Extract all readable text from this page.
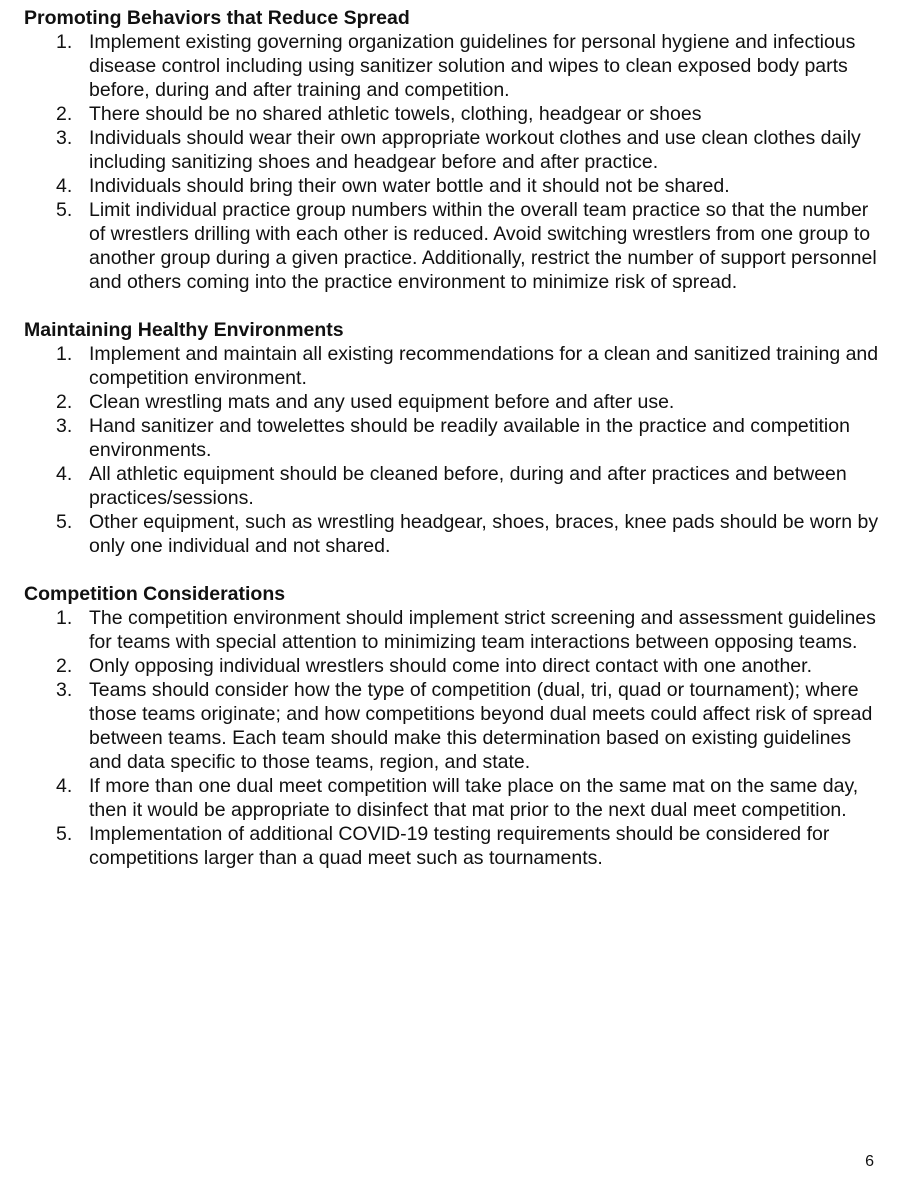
Promoting Behaviors that Reduce Spread

1. Implement existing governing organization guidelines for personal hygiene and infectious disease control including using sanitizer solution and wipes to clean exposed body parts before, during and after training and competition.
2. There should be no shared athletic towels, clothing, headgear or shoes
3. Individuals should wear their own appropriate workout clothes and use clean clothes daily including sanitizing shoes and headgear before and after practice.
4. Individuals should bring their own water bottle and it should not be shared.
5. Limit individual practice group numbers within the overall team practice so that the number of wrestlers drilling with each other is reduced. Avoid switching wrestlers from one group to another group during a given practice. Additionally, restrict the number of support personnel and others coming into the practice environment to minimize risk of spread.

Maintaining Healthy Environments

1. Implement and maintain all existing recommendations for a clean and sanitized training and competition environment.
2. Clean wrestling mats and any used equipment before and after use.
3. Hand sanitizer and towelettes should be readily available in the practice and competition environments.
4. All athletic equipment should be cleaned before, during and after practices and between practices/sessions.
5. Other equipment, such as wrestling headgear, shoes, braces, knee pads should be worn by only one individual and not shared.

Competition Considerations

1. The competition environment should implement strict screening and assessment guidelines for teams with special attention to minimizing team interactions between opposing teams.
2. Only opposing individual wrestlers should come into direct contact with one another.
3. Teams should consider how the type of competition (dual, tri, quad or tournament); where those teams originate; and how competitions beyond dual meets could affect risk of spread between teams. Each team should make this determination based on existing guidelines and data specific to those teams, region, and state.
4. If more than one dual meet competition will take place on the same mat on the same day, then it would be appropriate to disinfect that mat prior to the next dual meet competition.
5. Implementation of additional COVID-19 testing requirements should be considered for competitions larger than a quad meet such as tournaments.
6
